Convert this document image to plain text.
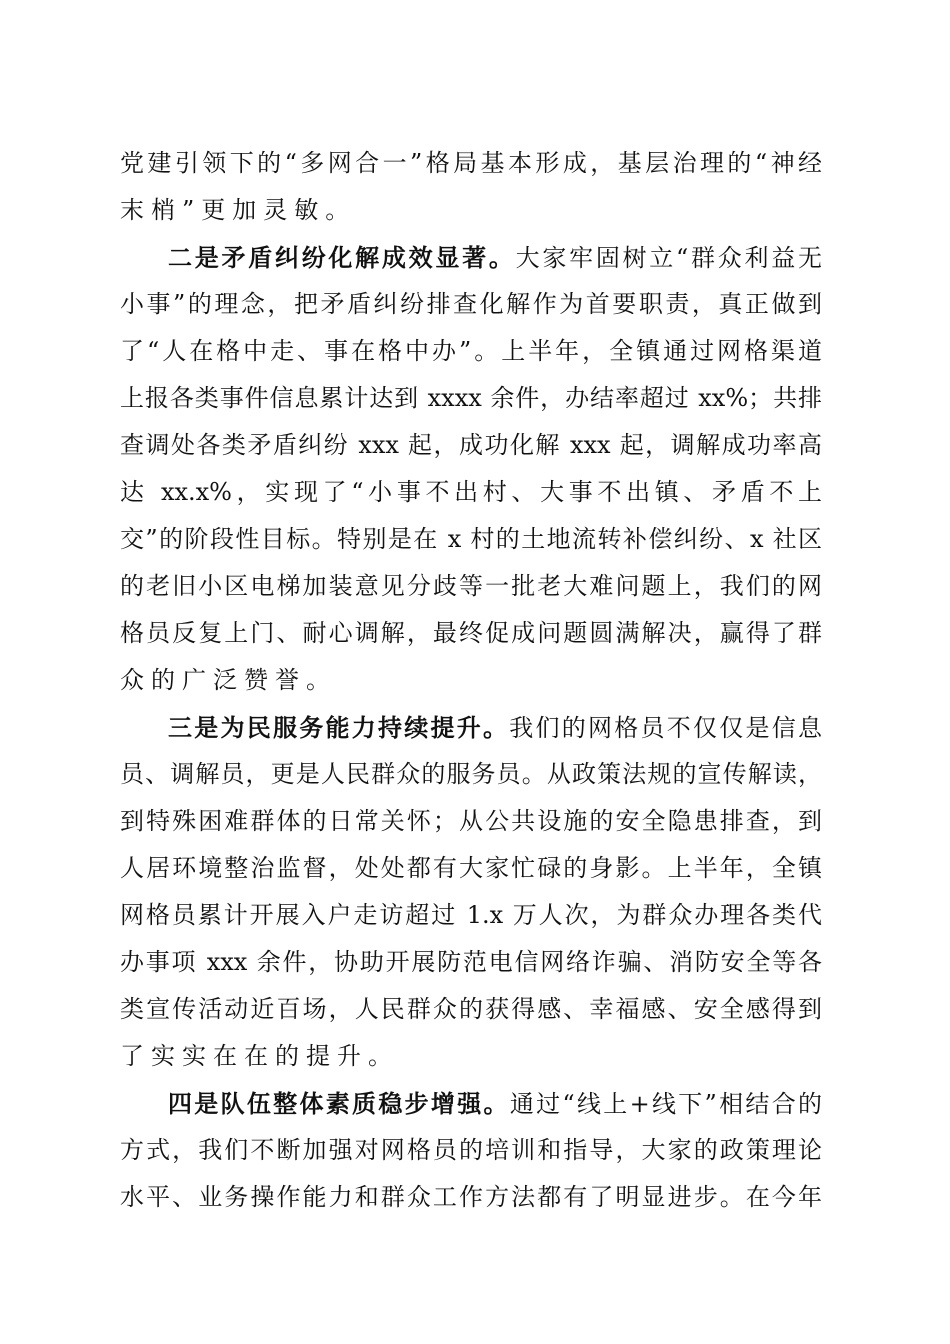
党建引领下的“多网合一”格局基本形成，基层治理的“神经
末梢”更加灵敏。
二是矛盾纠纷化解成效显著。大家牢固树立“群众利益无
小事”的理念，把矛盾纠纷排查化解作为首要职责，真正做到
了“人在格中走、事在格中办”。上半年，全镇通过网格渠道
上报各类事件信息累计达到 xxxx 余件，办结率超过 xx%；共排
查调处各类矛盾纠纷 xxx 起，成功化解 xxx 起，调解成功率高
达 xx.x%，实现了“小事不出村、大事不出镇、矛盾不上
交”的阶段性目标。特别是在 x 村的土地流转补偿纠纷、x 社区
的老旧小区电梯加装意见分歧等一批老大难问题上，我们的网
格员反复上门、耐心调解，最终促成问题圆满解决，赢得了群
众的广泛赞誉。
三是为民服务能力持续提升。我们的网格员不仅仅是信息
员、调解员，更是人民群众的服务员。从政策法规的宣传解读，
到特殊困难群体的日常关怀；从公共设施的安全隐患排查，到
人居环境整治监督，处处都有大家忙碌的身影。上半年，全镇
网格员累计开展入户走访超过 1.x 万人次，为群众办理各类代
办事项 xxx 余件，协助开展防范电信网络诈骗、消防安全等各
类宣传活动近百场，人民群众的获得感、幸福感、安全感得到
了实实在在的提升。
四是队伍整体素质稳步增强。通过“线上+线下”相结合的
方式，我们不断加强对网格员的培训和指导，大家的政策理论
水平、业务操作能力和群众工作方法都有了明显进步。在今年
